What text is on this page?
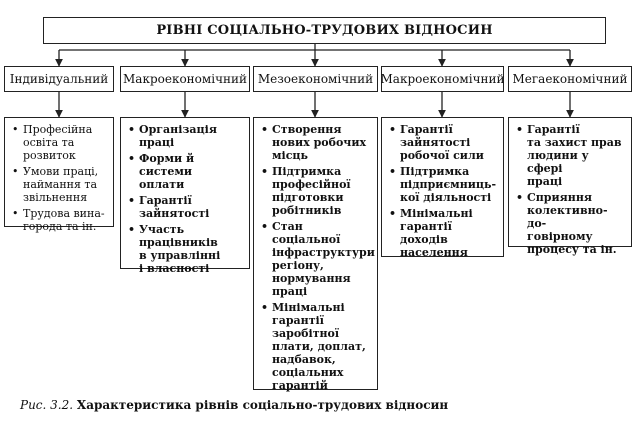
РІВНІ СОЦІАЛЬНО-ТРУДОВИХ ВІДНОСИН
Індивідуальний	Макроекономічний Мезоекономічний Макроекономічний Мегаекономічний
• Професійна
освіта та
розвиток
• Умови праці,
наймання та
звільнення
• Трудова вина-
города та ін.
• Організація
праці
• Форми й системи
оплати
• Гарантії
зайнятості
• Участь
працівників
в управлінні
і власності
• Створення
нових робочих
місць
• Підтримка
професійної
підготовки
робітників
• Стан соціальної
інфраструктури
регіону,
нормування
праці
• Мінімальні
гарантії
заробітної
плати, доплат,
надбавок,
соціальних
гарантій
• Гарантії
зайнятості
робочої сили
• Підтримка
підприємниць-
кої діяльності
• Мінімальні
гарантії доходів
населення
• Гарантії
та захист прав
людини у сфері
праці
• Сприяння
колективно-до-
говірному
процесу та ін.
Рис. 3.2. Характеристика рівнів соціально-трудових відносин
